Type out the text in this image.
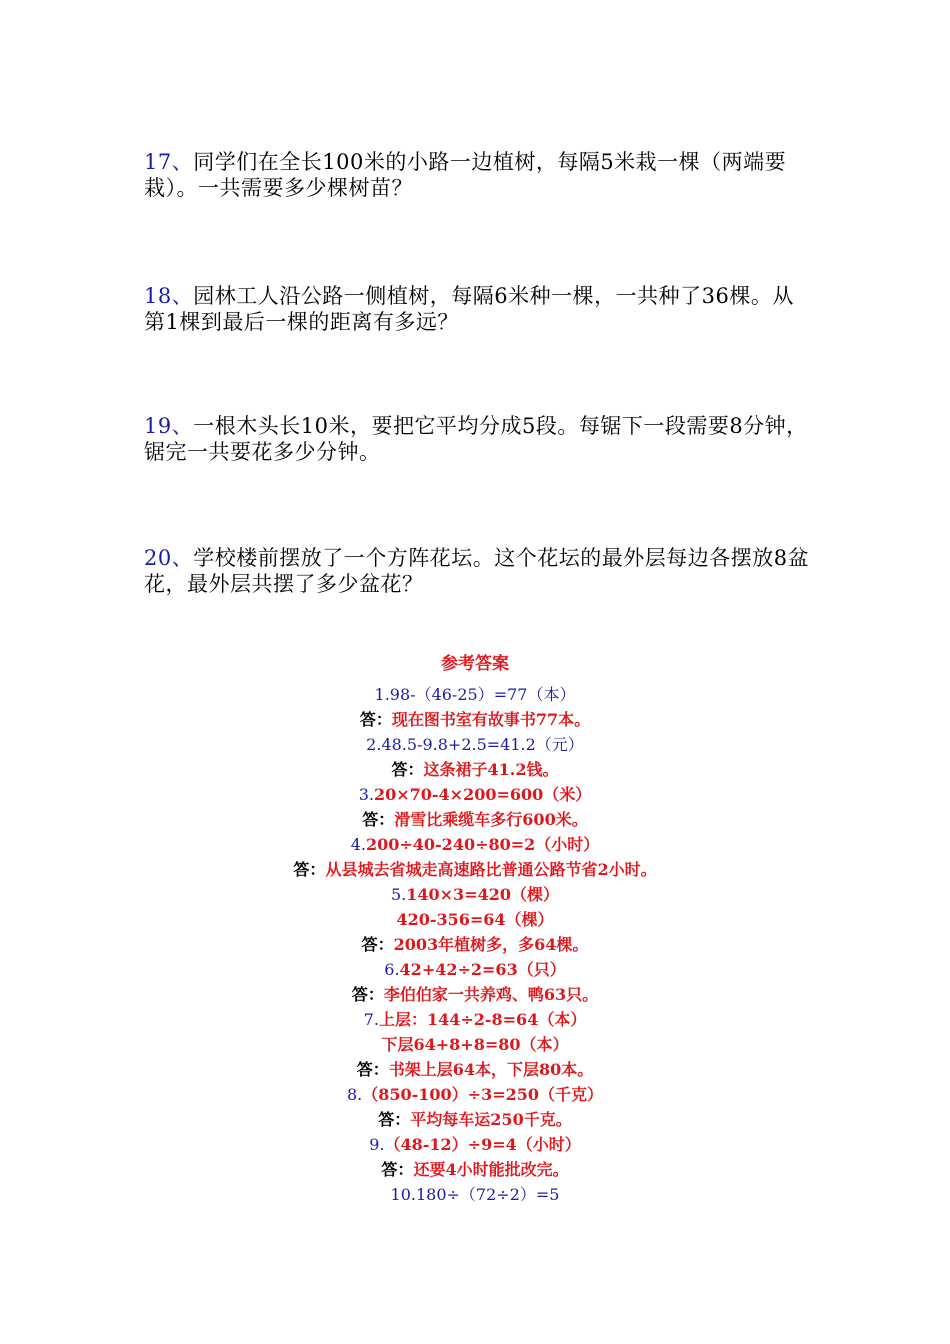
17、同学们在全长100米的小路一边植树，每隔5米栽一棵（两端要栽）。一共需要多少棵树苗？
18、园林工人沿公路一侧植树，每隔6米种一棵，一共种了36棵。从第1棵到最后一棵的距离有多远？
19、一根木头长10米，要把它平均分成5段。每锯下一段需要8分钟，锯完一共要花多少分钟。
20、学校楼前摆放了一个方阵花坛。这个花坛的最外层每边各摆放8盆花，最外层共摆了多少盆花？
参考答案
1.98-（46-25）=77（本）
答：现在图书室有故事书77本。
2.48.5-9.8+2.5=41.2（元）
答：这条裙子41.2钱。
3.20×70-4×200=600（米）
答：滑雪比乘缆车多行600米。
4.200÷40-240÷80=2（小时）
答：从县城去省城走高速路比普通公路节省2小时。
5.140×3=420（棵）
420-356=64（棵）
答：2003年植树多，多64棵。
6.42+42÷2=63（只）
答：李伯伯家一共养鸡、鸭63只。
7.上层：144÷2-8=64（本）
下层64+8+8=80（本）
答：书架上层64本，下层80本。
8.（850-100）÷3=250（千克）
答：平均每车运250千克。
9.（48-12）÷9=4（小时）
答：还要4小时能批改完。
10.180÷（72÷2）=5
